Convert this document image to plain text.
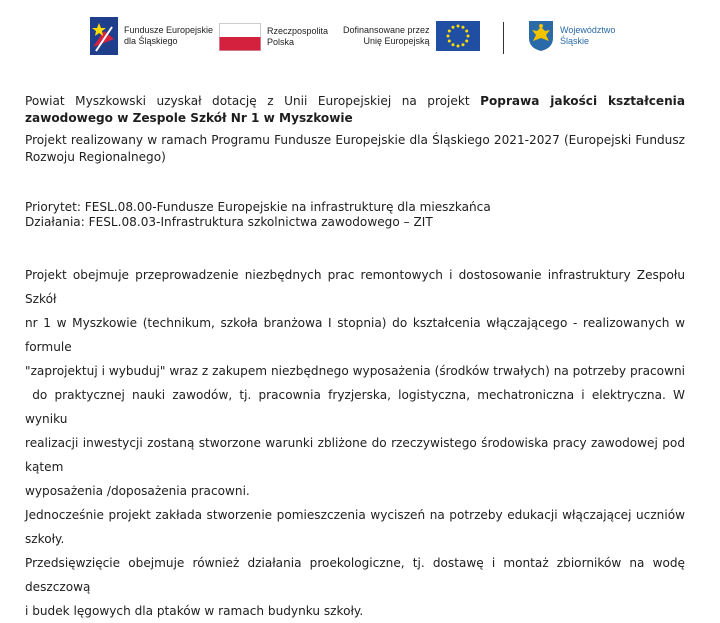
Fundusze Europejskie
dla Śląskiego
Rzeczpospolita
Polska
Dofinansowane przez
Unię Europejską
Województwo
Śląskie

Powiat Myszkowski uzyskał dotację z Unii Europejskiej na projekt Poprawa jakości kształcenia zawodowego w Zespole Szkół Nr 1 w Myszkowie

Projekt realizowany w ramach Programu Fundusze Europejskie dla Śląskiego 2021-2027 (Europejski Fundusz Rozwoju Regionalnego)

Priorytet: FESL.08.00-Fundusze Europejskie na infrastrukturę dla mieszkańca
Działania: FESL.08.03-Infrastruktura szkolnictwa zawodowego – ZIT
Projekt obejmuje przeprowadzenie niezbędnych prac remontowych i dostosowanie infrastruktury Zespołu Szkół
nr 1 w Myszkowie (technikum, szkoła branżowa I stopnia) do kształcenia włączającego - realizowanych w formule
"zaprojektuj i wybuduj" wraz z zakupem niezbędnego wyposażenia (środków trwałych) na potrzeby pracowni
do praktycznej nauki zawodów, tj. pracownia fryzjerska, logistyczna, mechatroniczna i elektryczna. W wyniku
realizacji inwestycji zostaną stworzone warunki zbliżone do rzeczywistego środowiska pracy zawodowej pod kątem
wyposażenia /doposażenia pracowni.
Jednocześnie projekt zakłada stworzenie pomieszczenia wyciszeń na potrzeby edukacji włączającej uczniów szkoły.
Przedsięwzięcie obejmuje również działania proekologiczne, tj. dostawę i montaż zbiorników na wodę deszczową
i budek lęgowych dla ptaków w ramach budynku szkoły.
